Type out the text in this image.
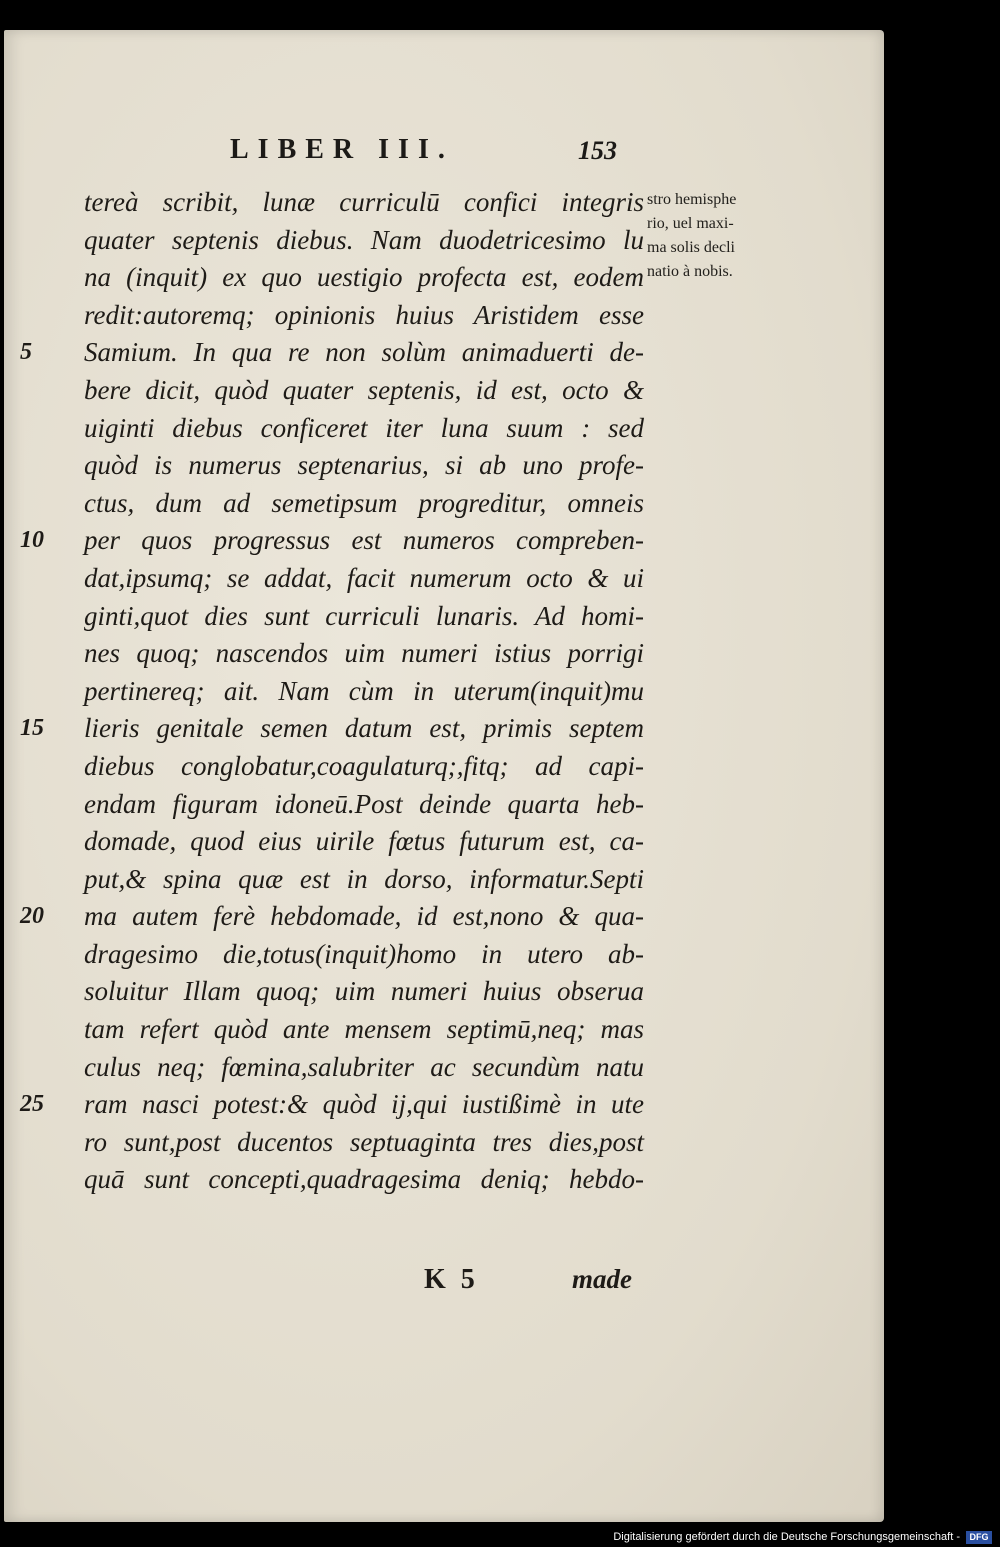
LIBER III.	153
tereà scribit, lunæ curriculū confici integris
quater septenis diebus. Nam duodetricesimo lu
na (inquit) ex quo uestigio profecta est, eodem
redit:autoremq; opinionis huius Aristidem esse
5	Samium. In qua re non solùm animaduerti de-
bere dicit, quòd quater septenis, id est, octo &
uiginti diebus conficeret iter luna suum : sed
quòd is numerus septenarius, si ab uno profe-
ctus, dum ad semetipsum progreditur, omneis
10	per quos progressus est numeros compreben-
dat,ipsumq; se addat, facit numerum octo & ui
ginti,quot dies sunt curriculi lunaris. Ad homi-
nes quoq; nascendos uim numeri istius porrigi
pertinereq; ait. Nam cùm in uterum(inquit)mu
15	lieris genitale semen datum est, primis septem
diebus conglobatur,coagulaturq;,fitq; ad capi-
endam figuram idoneū.Post deinde quarta heb-
domade, quod eius uirile fœtus futurum est, ca-
put,& spina quæ est in dorso, informatur.Septi
20	ma autem ferè hebdomade, id est,nono & qua-
dragesimo die,totus(inquit)homo in utero ab-
soluitur Illam quoq; uim numeri huius obserua
tam refert quòd ante mensem septimū,neq; mas
culus neq; fœmina,salubriter ac secundùm natu
25	ram nasci potest:& quòd ij,qui iustißimè in ute
ro sunt,post ducentos septuaginta tres dies,post
quā sunt concepti,quadragesima deniq; hebdo-
stro hemisphe
rio, uel maxi-
ma solis decli
natio à nobis.
K 5	made
Digitalisierung gefördert durch die Deutsche Forschungsgemeinschaft -	DFG
